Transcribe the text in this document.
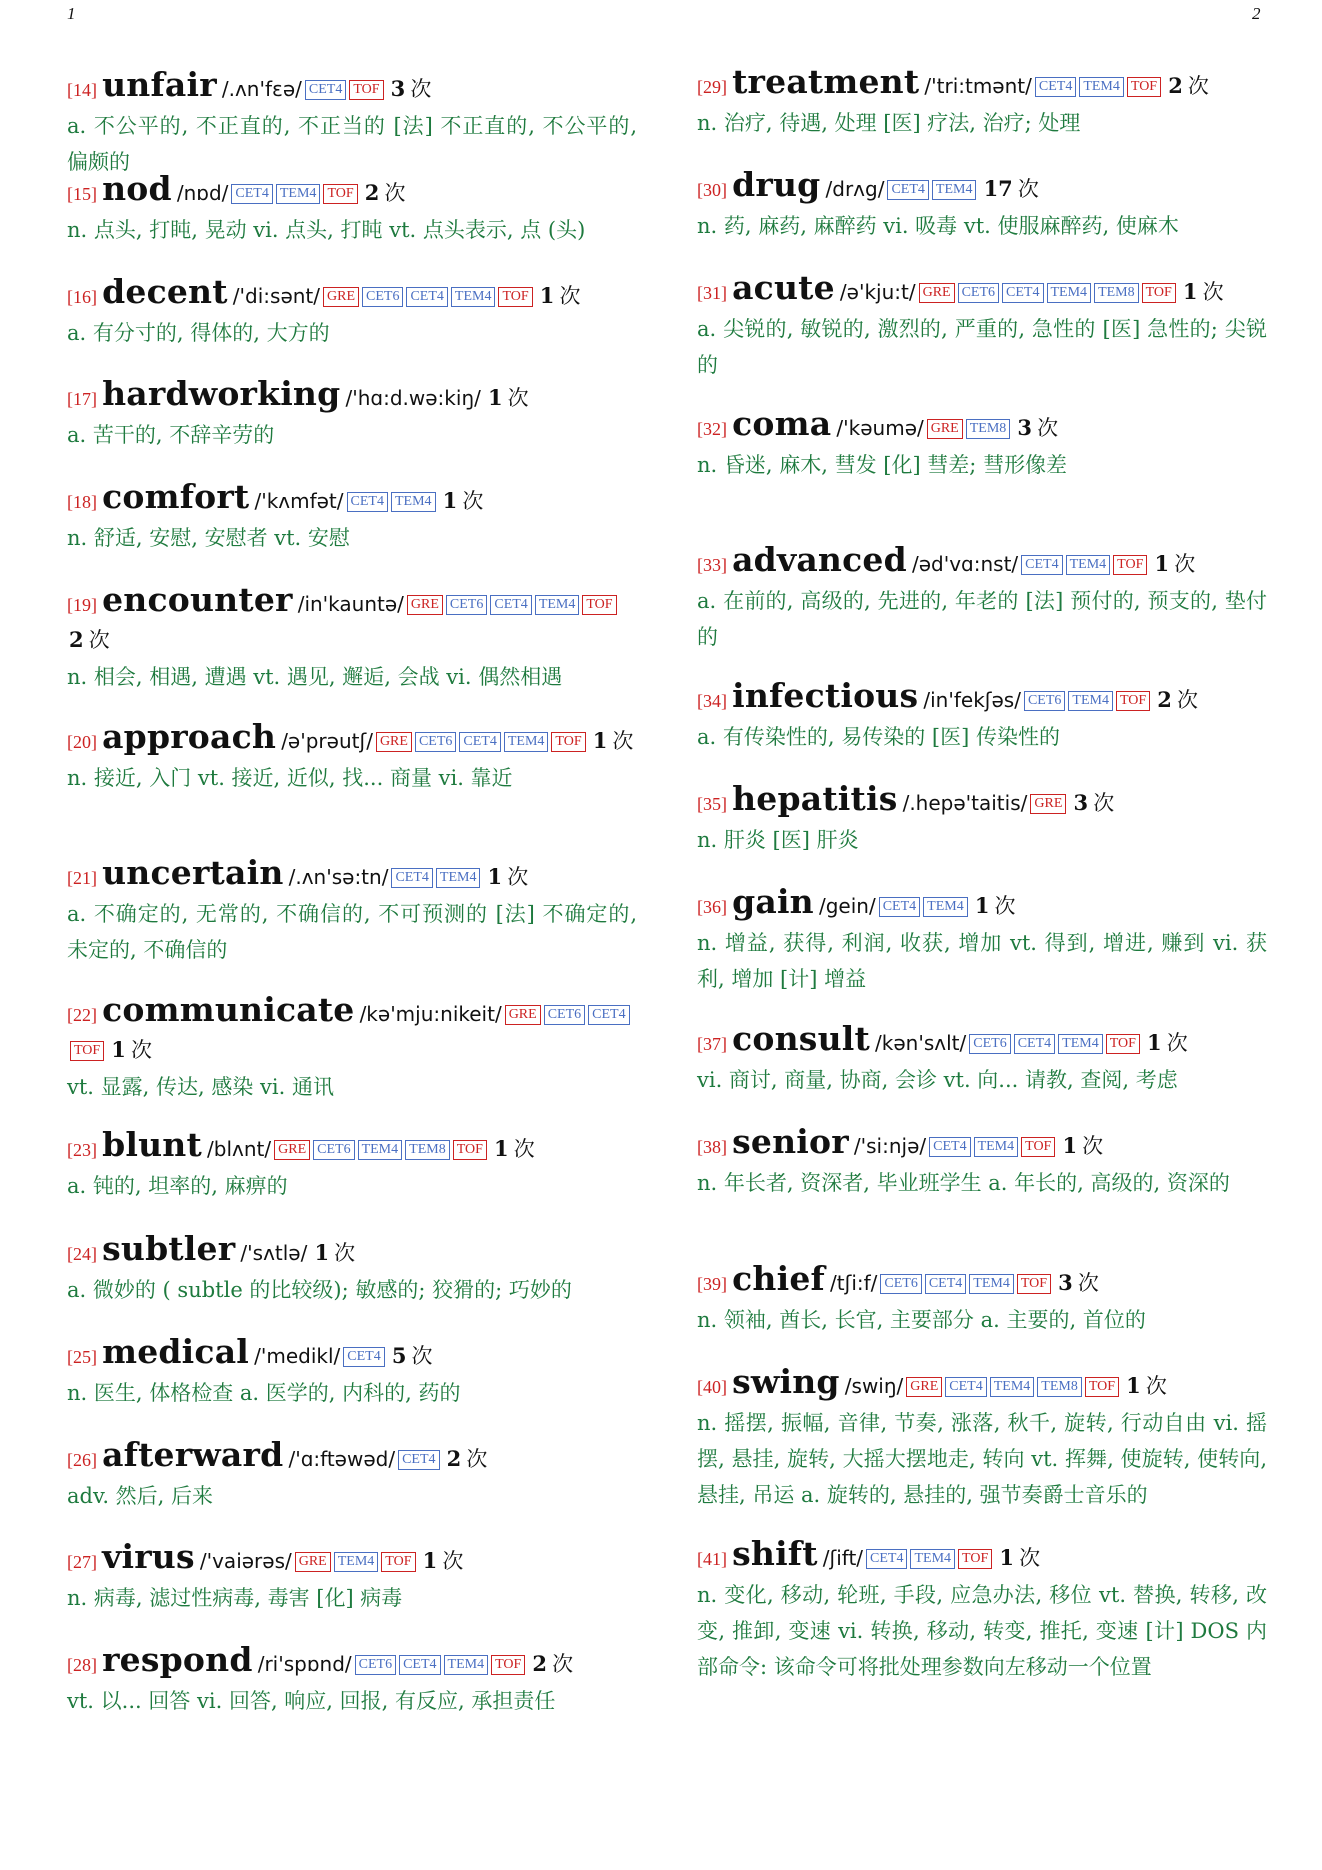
1	2
[14] unfair /.ʌn'fɛə/ CET4 TOF 3 次
a. 不公平的, 不正直的, 不正当的 [法] 不正直的, 不公平的, 偏颇的
[15] nod /nɒd/ CET4 TEM4 TOF 2 次
n. 点头, 打盹, 晃动 vi. 点头, 打盹 vt. 点头表示, 点 (头)
[16] decent /'di:sənt/ GRE CET6 CET4 TEM4 TOF 1 次
a. 有分寸的, 得体的, 大方的
[17] hardworking /'hɑ:d.wə:kiŋ/ 1 次
a. 苦干的, 不辞辛劳的
[18] comfort /'kʌmfət/ CET4 TEM4 1 次
n. 舒适, 安慰, 安慰者 vt. 安慰
[19] encounter /in'kauntə/ GRE CET6 CET4 TEM4 TOF 2 次
n. 相会, 相遇, 遭遇 vt. 遇见, 邂逅, 会战 vi. 偶然相遇
[20] approach /ə'prəutʃ/ GRE CET6 CET4 TEM4 TOF 1 次
n. 接近, 入门 vt. 接近, 近似, 找... 商量 vi. 靠近
[21] uncertain /.ʌn'sə:tn/ CET4 TEM4 1 次
a. 不确定的, 无常的, 不确信的, 不可预测的 [法] 不确定的, 未定的, 不确信的
[22] communicate /kə'mju:nikeit/ GRE CET6 CET4TOF 1 次
vt. 显露, 传达, 感染 vi. 通讯
[23] blunt /blʌnt/ GRE CET6 TEM4 TEM8 TOF 1 次
a. 钝的, 坦率的, 麻痹的
[24] subtler /'sʌtlə/ 1 次
a. 微妙的 ( subtle 的比较级); 敏感的; 狡猾的; 巧妙的
[25] medical /'medikl/ CET4 5 次
n. 医生, 体格检查 a. 医学的, 内科的, 药的
[26] afterward /'ɑ:ftəwəd/ CET4 2 次
adv. 然后, 后来
[27] virus /'vaiərəs/ GRE TEM4 TOF 1 次
n. 病毒, 滤过性病毒, 毒害 [化] 病毒
[28] respond /ri'spɒnd/ CET6 CET4 TEM4 TOF 2 次
vt. 以... 回答 vi. 回答, 响应, 回报, 有反应, 承担责任
[29] treatment /'tri:tmənt/ CET4 TEM4 TOF 2 次
n. 治疗, 待遇, 处理 [医] 疗法, 治疗; 处理
[30] drug /drʌg/ CET4 TEM4 17 次
n. 药, 麻药, 麻醉药 vi. 吸毒 vt. 使服麻醉药, 使麻木
[31] acute /ə'kju:t/ GRE CET6 CET4 TEM4 TEM8 TOF 1 次
a. 尖锐的, 敏锐的, 激烈的, 严重的, 急性的 [医] 急性的; 尖锐的
[32] coma /'kəumə/ GRE TEM8 3 次
n. 昏迷, 麻木, 彗发 [化] 彗差; 彗形像差
[33] advanced /əd'vɑ:nst/ CET4 TEM4 TOF 1 次
a. 在前的, 高级的, 先进的, 年老的 [法] 预付的, 预支的, 垫付的
[34] infectious /in'fekʃəs/ CET6 TEM4 TOF 2 次
a. 有传染性的, 易传染的 [医] 传染性的
[35] hepatitis /.hepə'taitis/ GRE 3 次
n. 肝炎 [医] 肝炎
[36] gain /gein/ CET4 TEM4 1 次
n. 增益, 获得, 利润, 收获, 增加 vt. 得到, 增进, 赚到 vi. 获利, 增加 [计] 增益
[37] consult /kən'sʌlt/ CET6 CET4 TEM4 TOF 1 次
vi. 商讨, 商量, 协商, 会诊 vt. 向... 请教, 查阅, 考虑
[38] senior /'si:njə/ CET4 TEM4 TOF 1 次
n. 年长者, 资深者, 毕业班学生 a. 年长的, 高级的, 资深的
[39] chief /tʃi:f/ CET6 CET4 TEM4 TOF 3 次
n. 领袖, 酋长, 长官, 主要部分 a. 主要的, 首位的
[40] swing /swiŋ/ GRE CET4 TEM4 TEM8 TOF 1 次
n. 摇摆, 振幅, 音律, 节奏, 涨落, 秋千, 旋转, 行动自由 vi. 摇摆, 悬挂, 旋转, 大摇大摆地走, 转向 vt. 挥舞, 使旋转, 使转向, 悬挂, 吊运 a. 旋转的, 悬挂的, 强节奏爵士音乐的
[41] shift /ʃift/ CET4 TEM4 TOF 1 次
n. 变化, 移动, 轮班, 手段, 应急办法, 移位 vt. 替换, 转移, 改变, 推卸, 变速 vi. 转换, 移动, 转变, 推托, 变速 [计] DOS 内部命令: 该命令可将批处理参数向左移动一个位置
